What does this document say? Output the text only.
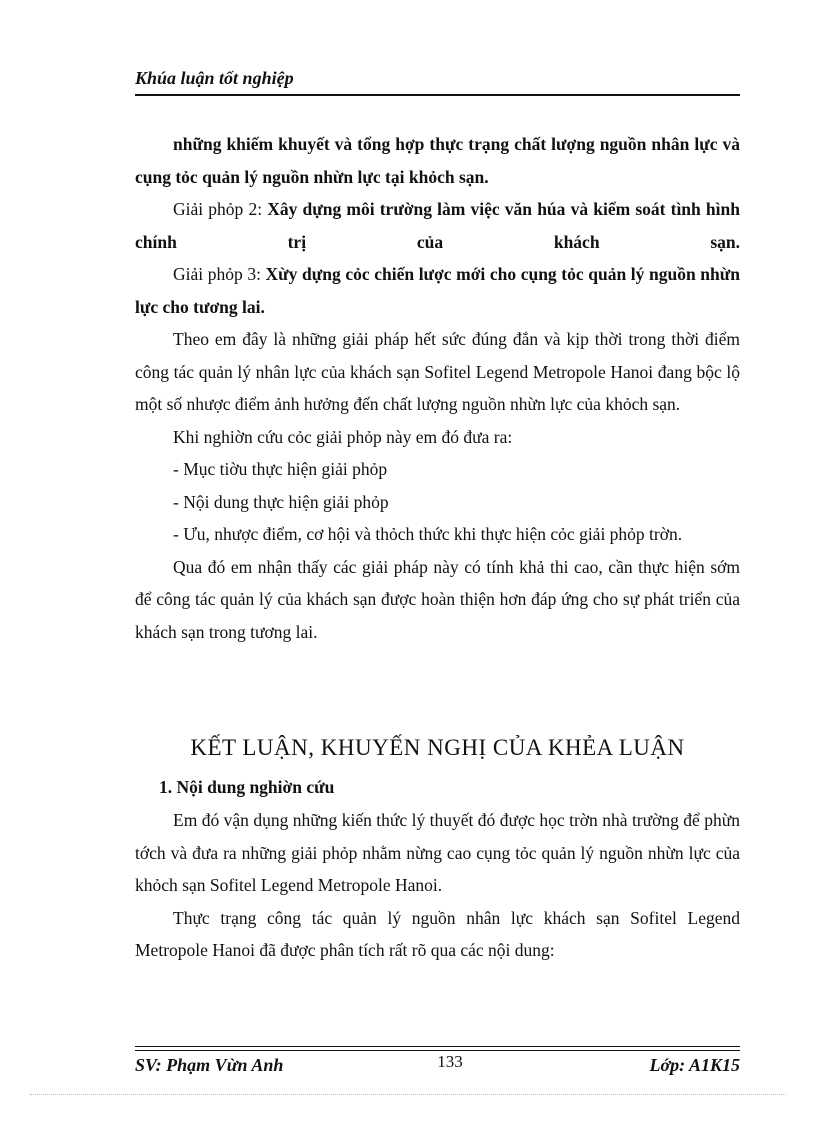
Khúa luận tốt nghiệp

những khiếm khuyết và tổng hợp thực trạng chất lượng nguồn nhân lực và cụng tỏc quản lý nguồn nhừn lực tại khỏch sạn.

Giải phỏp 2: Xây dựng môi trường làm việc văn húa và kiểm soát tình hình chính trị của khách sạn.

Giải phỏp 3: Xừy dựng cỏc chiến lược mới cho cụng tỏc quản lý nguồn nhừn lực cho tương lai.

Theo em đây là những giải pháp hết sức đúng đắn và kịp thời trong thời điểm công tác quản lý nhân lực của khách sạn Sofitel Legend Metropole Hanoi đang bộc lộ một số nhược điểm ảnh hưởng đến chất lượng nguồn nhừn lực của khỏch sạn.

Khi nghiờn cứu cỏc giải phỏp này em đó đưa ra:

- Mục tiờu thực hiện giải phỏp

- Nội dung thực hiện giải phỏp

- Ưu, nhược điểm, cơ hội và thỏch thức khi thực hiện cỏc giải phỏp trờn.

Qua đó em nhận thấy các giải pháp này có tính khả thi cao, cần thực hiện sớm để công tác quản lý của khách sạn được hoàn thiện hơn đáp ứng cho sự phát triển của khách sạn trong tương lai.

KẾT LUẬN, KHUYẾN NGHỊ CỦA KHẺA LUẬN
1. Nội dung nghiờn cứu

Em đó vận dụng những kiến thức lý thuyết đó được học trờn nhà trường để phừn tớch và đưa ra những giải phỏp nhằm nừng cao cụng tỏc quản lý nguồn nhừn lực của khỏch sạn Sofitel Legend Metropole Hanoi.

Thực trạng công tác quản lý nguồn nhân lực khách sạn Sofitel Legend Metropole Hanoi đã được phân tích rất rõ qua các nội dung:

SV: Phạm Vừn Anh	133	Lớp: A1K15
